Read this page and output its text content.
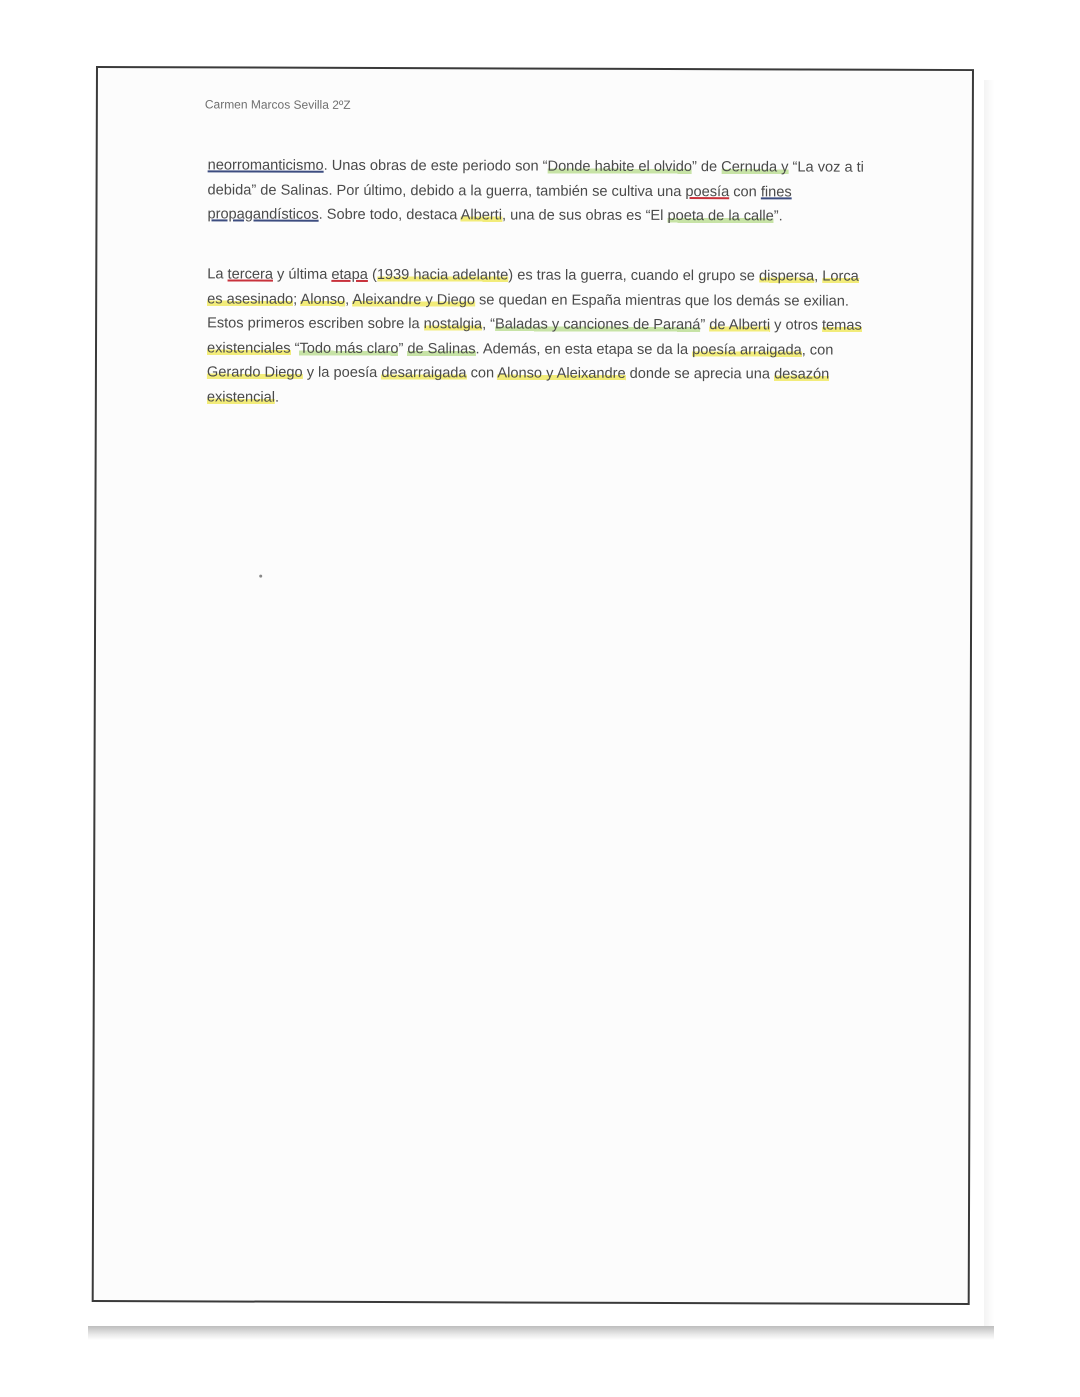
Carmen Marcos Sevilla 2ºZ
neorromanticismo. Unas obras de este periodo son “Donde habite el olvido” de Cernuda y “La voz a ti debida” de Salinas. Por último, debido a la guerra, también se cultiva una poesía con fines propagandísticos. Sobre todo, destaca Alberti, una de sus obras es “El poeta de la calle”.
La tercera y última etapa (1939 hacia adelante) es tras la guerra, cuando el grupo se dispersa, Lorca es asesinado; Alonso, Aleixandre y Diego se quedan en España mientras que los demás se exilian. Estos primeros escriben sobre la nostalgia, “Baladas y canciones de Paraná” de Alberti y otros temas existenciales “Todo más claro” de Salinas. Además, en esta etapa se da la poesía arraigada, con Gerardo Diego y la poesía desarraigada con Alonso y Aleixandre donde se aprecia una desazón existencial.
